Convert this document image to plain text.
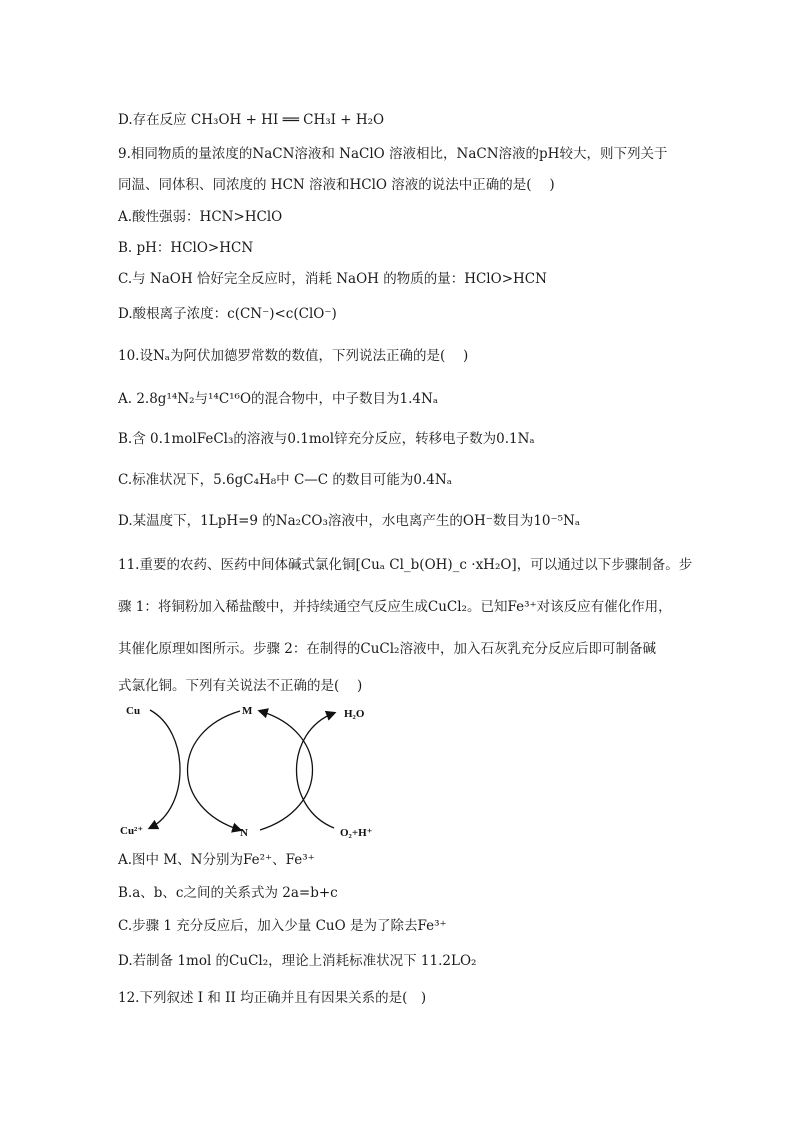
D.存在反应 CH₃OH + HI ══ CH₃I + H₂O
9.相同物质的量浓度的NaCN溶液和 NaClO 溶液相比，NaCN溶液的pH较大，则下列关于
同温、同体积、同浓度的 HCN 溶液和HClO 溶液的说法中正确的是(　 )
A.酸性强弱：HCN>HClO
B. pH：HClO>HCN
C.与 NaOH 恰好完全反应时，消耗 NaOH 的物质的量：HClO>HCN
D.酸根离子浓度：c(CN⁻)<c(ClO⁻)
10.设Nₐ为阿伏加德罗常数的数值，下列说法正确的是(　 )
A. 2.8g¹⁴N₂与¹⁴C¹⁶O的混合物中，中子数目为1.4Nₐ
B.含 0.1molFeCl₃的溶液与0.1mol锌充分反应，转移电子数为0.1Nₐ
C.标准状况下，5.6gC₄H₈中 C—C 的数目可能为0.4Nₐ
D.某温度下，1LpH=9 的Na₂CO₃溶液中，水电离产生的OH⁻数目为10⁻⁵Nₐ
11.重要的农药、医药中间体碱式氯化铜[Cuₐ Cl_b(OH)_c ·xH₂O]，可以通过以下步骤制备。步
骤 1：将铜粉加入稀盐酸中，并持续通空气反应生成CuCl₂。已知Fe³⁺对该反应有催化作用，
其催化原理如图所示。步骤 2：在制得的CuCl₂溶液中，加入石灰乳充分反应后即可制备碱
式氯化铜。下列有关说法不正确的是(　 )
Cu
Cu²⁺
M
N
H₂O
O₂+H⁺
A.图中 M、N分别为Fe²⁺、Fe³⁺
B.a、b、c之间的关系式为 2a=b+c
C.步骤 1 充分反应后，加入少量 CuO 是为了除去Fe³⁺
D.若制备 1mol 的CuCl₂，理论上消耗标准状况下 11.2LO₂
12.下列叙述 I 和 II 均正确并且有因果关系的是(　)
